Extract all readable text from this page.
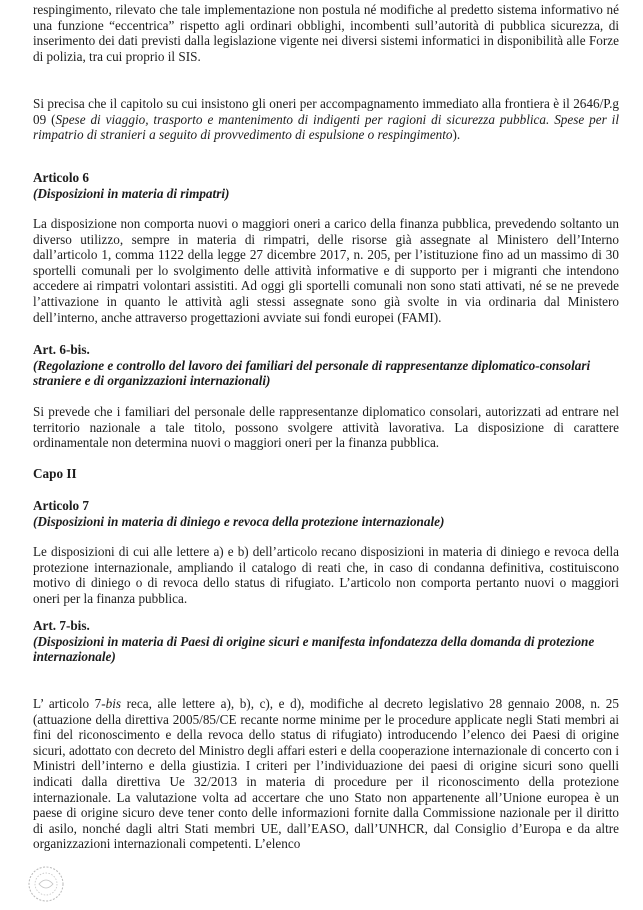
respingimento, rilevato che tale implementazione non postula né modifiche al predetto sistema informativo né una funzione “eccentrica” rispetto agli ordinari obblighi, incombenti sull’autorità di pubblica sicurezza, di inserimento dei dati previsti dalla legislazione vigente nei diversi sistemi informatici in disponibilità alle Forze di polizia, tra cui proprio il SIS.

Si precisa che il capitolo su cui insistono gli oneri per accompagnamento immediato alla frontiera è il 2646/P.g 09 (Spese di viaggio, trasporto e mantenimento di indigenti per ragioni di sicurezza pubblica. Spese per il rimpatrio di stranieri a seguito di provvedimento di espulsione o respingimento).

Articolo 6
(Disposizioni in materia di rimpatri)

La disposizione non comporta nuovi o maggiori oneri a carico della finanza pubblica, prevedendo soltanto un diverso utilizzo, sempre in materia di rimpatri, delle risorse già assegnate al Ministero dell’Interno dall’articolo 1, comma 1122 della legge 27 dicembre 2017, n. 205, per l’istituzione fino ad un massimo di 30 sportelli comunali per lo svolgimento delle attività informative e di supporto per i migranti che intendono accedere ai rimpatri volontari assistiti. Ad oggi gli sportelli comunali non sono stati attivati, né se ne prevede l’attivazione in quanto le attività agli stessi assegnate sono già svolte in via ordinaria dal Ministero dell’interno, anche attraverso progettazioni avviate sui fondi europei (FAMI).

Art. 6-bis.
(Regolazione e controllo del lavoro dei familiari del personale di rappresentanze diplomatico-consolari straniere e di organizzazioni internazionali)

Si prevede che i familiari del personale delle rappresentanze diplomatico consolari, autorizzati ad entrare nel territorio nazionale a tale titolo, possono svolgere attività lavorativa. La disposizione di carattere ordinamentale non determina nuovi o maggiori oneri per la finanza pubblica.

Capo II
Articolo 7
(Disposizioni in materia di diniego e revoca della protezione internazionale)

Le disposizioni di cui alle lettere a) e b) dell’articolo recano disposizioni in materia di diniego e revoca della protezione internazionale, ampliando il catalogo di reati che, in caso di condanna definitiva, costituiscono motivo di diniego o di revoca dello status di rifugiato. L’articolo non comporta pertanto nuovi o maggiori oneri per la finanza pubblica.

Art. 7-bis.
(Disposizioni in materia di Paesi di origine sicuri e manifesta infondatezza della domanda di protezione internazionale)

L’ articolo 7-bis reca, alle lettere a), b), c), e d), modifiche al decreto legislativo 28 gennaio 2008, n. 25 (attuazione della direttiva 2005/85/CE recante norme minime per le procedure applicate negli Stati membri ai fini del riconoscimento e della revoca dello status di rifugiato) introducendo l’elenco dei Paesi di origine sicuri, adottato con decreto del Ministro degli affari esteri e della cooperazione internazionale di concerto con i Ministri dell’interno e della giustizia. I criteri per l’individuazione dei paesi di origine sicuri sono quelli indicati dalla direttiva Ue 32/2013 in materia di procedure per il riconoscimento della protezione internazionale. La valutazione volta ad accertare che uno Stato non appartenente all’Unione europea è un paese di origine sicuro deve tener conto delle informazioni fornite dalla Commissione nazionale per il diritto di asilo, nonché dagli altri Stati membri UE, dall’EASO, dall’UNHCR, dal Consiglio d’Europa e da altre organizzazioni internazionali competenti. L’elenco
